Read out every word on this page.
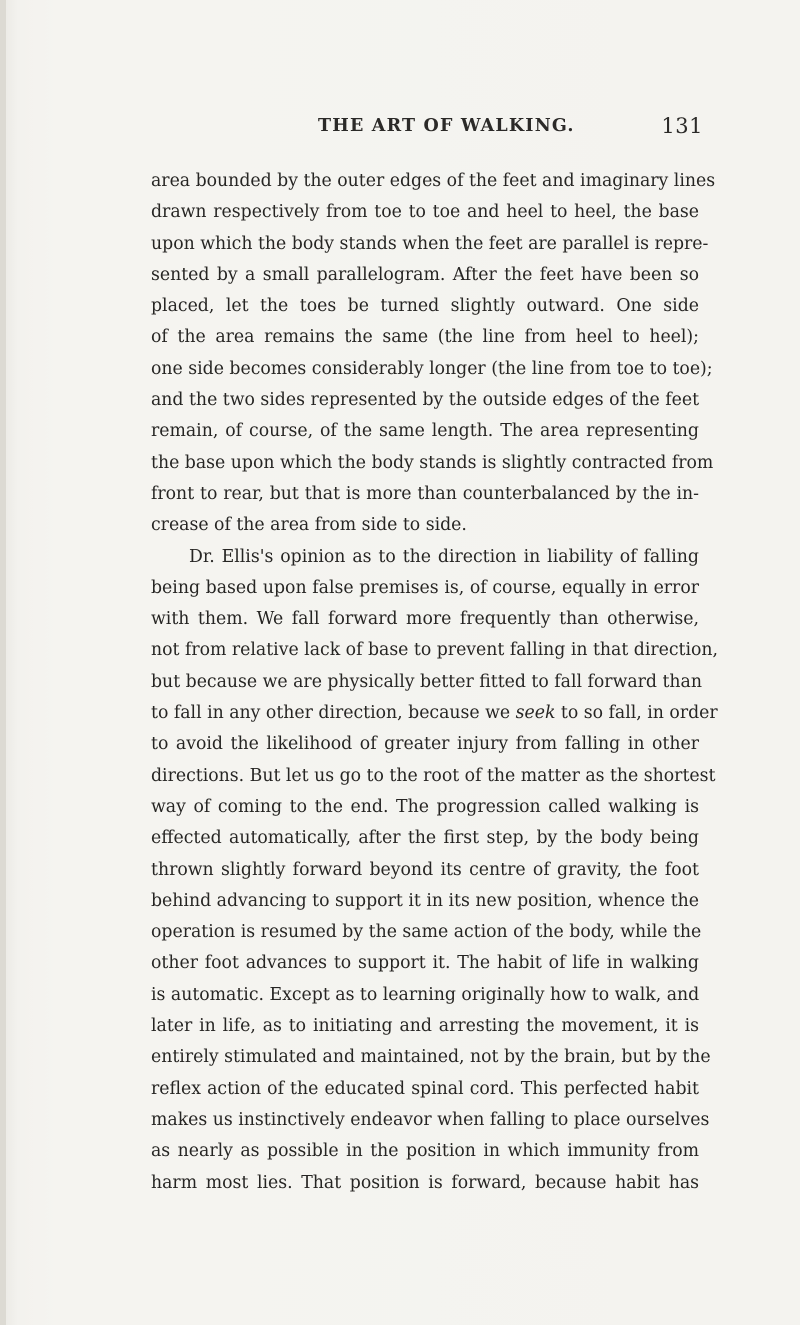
THE ART OF WALKING.	131
area bounded by the outer edges of the feet and imaginary lines
drawn respectively from toe to toe and heel to heel, the base
upon which the body stands when the feet are parallel is repre-
sented by a small parallelogram. After the feet have been so
placed, let the toes be turned slightly outward. One side
of the area remains the same (the line from heel to heel);
one side becomes considerably longer (the line from toe to toe);
and the two sides represented by the outside edges of the feet
remain, of course, of the same length. The area representing
the base upon which the body stands is slightly contracted from
front to rear, but that is more than counterbalanced by the in-
crease of the area from side to side.
Dr. Ellis's opinion as to the direction in liability of falling
being based upon false premises is, of course, equally in error
with them. We fall forward more frequently than otherwise,
not from relative lack of base to prevent falling in that direction,
but because we are physically better fitted to fall forward than
to fall in any other direction, because we seek to so fall, in order
to avoid the likelihood of greater injury from falling in other
directions. But let us go to the root of the matter as the shortest
way of coming to the end. The progression called walking is
effected automatically, after the first step, by the body being
thrown slightly forward beyond its centre of gravity, the foot
behind advancing to support it in its new position, whence the
operation is resumed by the same action of the body, while the
other foot advances to support it. The habit of life in walking
is automatic. Except as to learning originally how to walk, and
later in life, as to initiating and arresting the movement, it is
entirely stimulated and maintained, not by the brain, but by the
reflex action of the educated spinal cord. This perfected habit
makes us instinctively endeavor when falling to place ourselves
as nearly as possible in the position in which immunity from
harm most lies. That position is forward, because habit has
